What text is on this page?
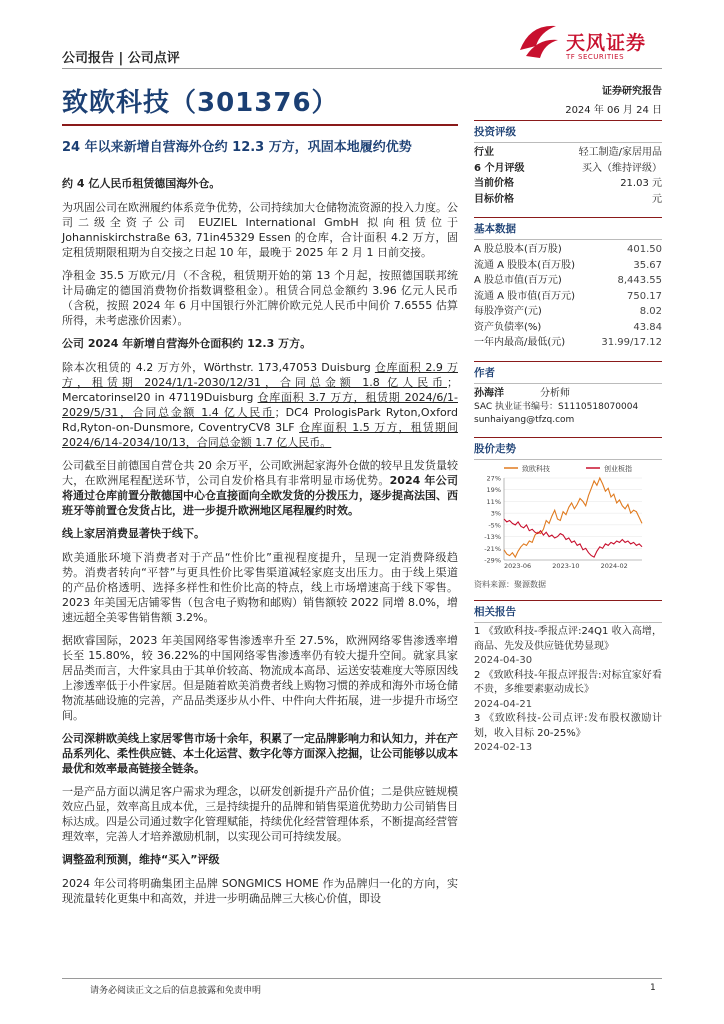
公司报告 | 公司点评
天风证券
TF SECURITIES
致欧科技（301376）	证券研究报告
2024 年 06 月 24 日
24 年以来新增自营海外仓约 12.3 万方，巩固本地履约优势

约 4 亿人民币租赁德国海外仓。

为巩固公司在欧洲履约体系竞争优势，公司持续加大仓储物流资源的投入力度。公司二级全资子公司 EUZIEL International GmbH 拟向租赁位于 Johanniskirchstraße 63, 71in45329 Essen 的仓库，合计面积 4.2 万方，固定租赁期限租期为自交接之日起 10 年，最晚于 2025 年 2 月 1 日前交接。

净租金 35.5 万欧元/月（不含税，租赁期开始的第 13 个月起，按照德国联邦统计局确定的德国消费物价指数调整租金）。租赁合同总金额约 3.96 亿元人民币（含税，按照 2024 年 6 月中国银行外汇牌价欧元兑人民币中间价 7.6555 估算所得，未考虑涨价因素）。

公司 2024 年新增自营海外仓面积约 12.3 万方。

除本次租赁的 4.2 万方外，Wörthstr. 173,47053 Duisburg 仓库面积 2.9 万方，租赁期 2024/1/1-2030/12/31，合同总金额 1.8 亿人民币；Mercatorinsel20 in 47119Duisburg 仓库面积 3.7 万方，租赁期 2024/6/1-2029/5/31，合同总金额 1.4 亿人民币；DC4 PrologisPark Ryton,Oxford Rd,Ryton-on-Dunsmore, CoventryCV8 3LF 仓库面积 1.5 万方，租赁期间 2024/6/14-2034/10/13，合同总金额 1.7 亿人民币。

公司截至目前德国自营仓共 20 余万平，公司欧洲起家海外仓做的较早且发货量较大，在欧洲尾程配送环节，公司自发价格具有非常明显市场优势。2024 年公司将通过仓库前置分散德国中心仓直接面向全欧发货的分拨压力，逐步提高法国、西班牙等前置仓发货占比，进一步提升欧洲地区尾程履约时效。

线上家居消费显著快于线下。

欧美通胀环境下消费者对于产品“性价比”重视程度提升，呈现一定消费降级趋势。消费者转向“平替”与更具性价比零售渠道减轻家庭支出压力。由于线上渠道的产品价格透明、选择多样性和性价比高的特点，线上市场增速高于线下零售。2023 年美国无店铺零售（包含电子购物和邮购）销售额较 2022 同增 8.0%，增速远超全美零售销售额 3.2%。

据欧睿国际，2023 年美国网络零售渗透率升至 27.5%，欧洲网络零售渗透率增长至 15.80%，较 36.22%的中国网络零售渗透率仍有较大提升空间。就家具家居品类而言，大件家具由于其单价较高、物流成本高昂、运送安装难度大等原因线上渗透率低于小件家居。但是随着欧美消费者线上购物习惯的养成和海外市场仓储物流基础设施的完善，产品品类逐步从小件、中件向大件拓展，进一步提升市场空间。

公司深耕欧美线上家居零售市场十余年，积累了一定品牌影响力和认知力，并在产品系列化、柔性供应链、本土化运营、数字化等方面深入挖掘，让公司能够以成本最优和效率最高链接全链条。

一是产品方面以满足客户需求为理念，以研发创新提升产品价值；二是供应链规模效应凸显，效率高且成本优，三是持续提升的品牌和销售渠道优势助力公司销售目标达成。四是公司通过数字化管理赋能，持续优化经营管理体系，不断提高经营管理效率，完善人才培养激励机制，以实现公司可持续发展。

调整盈利预测，维持“买入”评级

2024 年公司将明确集团主品牌 SONGMICS HOME 作为品牌归一化的方向，实现流量转化更集中和高效，并进一步明确品牌三大核心价值，即设

投资评级
行业	轻工制造/家居用品
6 个月评级	买入（维持评级）
当前价格	21.03 元
目标价格	元
基本数据
A 股总股本(百万股)	401.50
流通 A 股股本(百万股)	35.67
A 股总市值(百万元)	8,443.55
流通 A 股市值(百万元)	750.17
每股净资产(元)	8.02
资产负债率(%)	43.84
一年内最高/最低(元)	31.99/17.12
作者
孙海洋	分析师
SAC 执业证书编号：S1110518070004
sunhaiyang@tfzq.com
股价走势
致欧科技	创业板指
27%
19%
11%
3%
-5%
-13%
-21%
-29%
2023-06	2023-10	2024-02
资料来源：聚源数据
相关报告
1 《致欧科技-季报点评:24Q1 收入高增，商品、先发及供应链优势显现》
2024-04-30
2 《致欧科技-年报点评报告:对标宜家好看不贵，多维要素驱动成长》
2024-04-21
3 《致欧科技-公司点评:发布股权激励计划，收入目标 20-25%》
2024-02-13
请务必阅读正文之后的信息披露和免责申明	1
